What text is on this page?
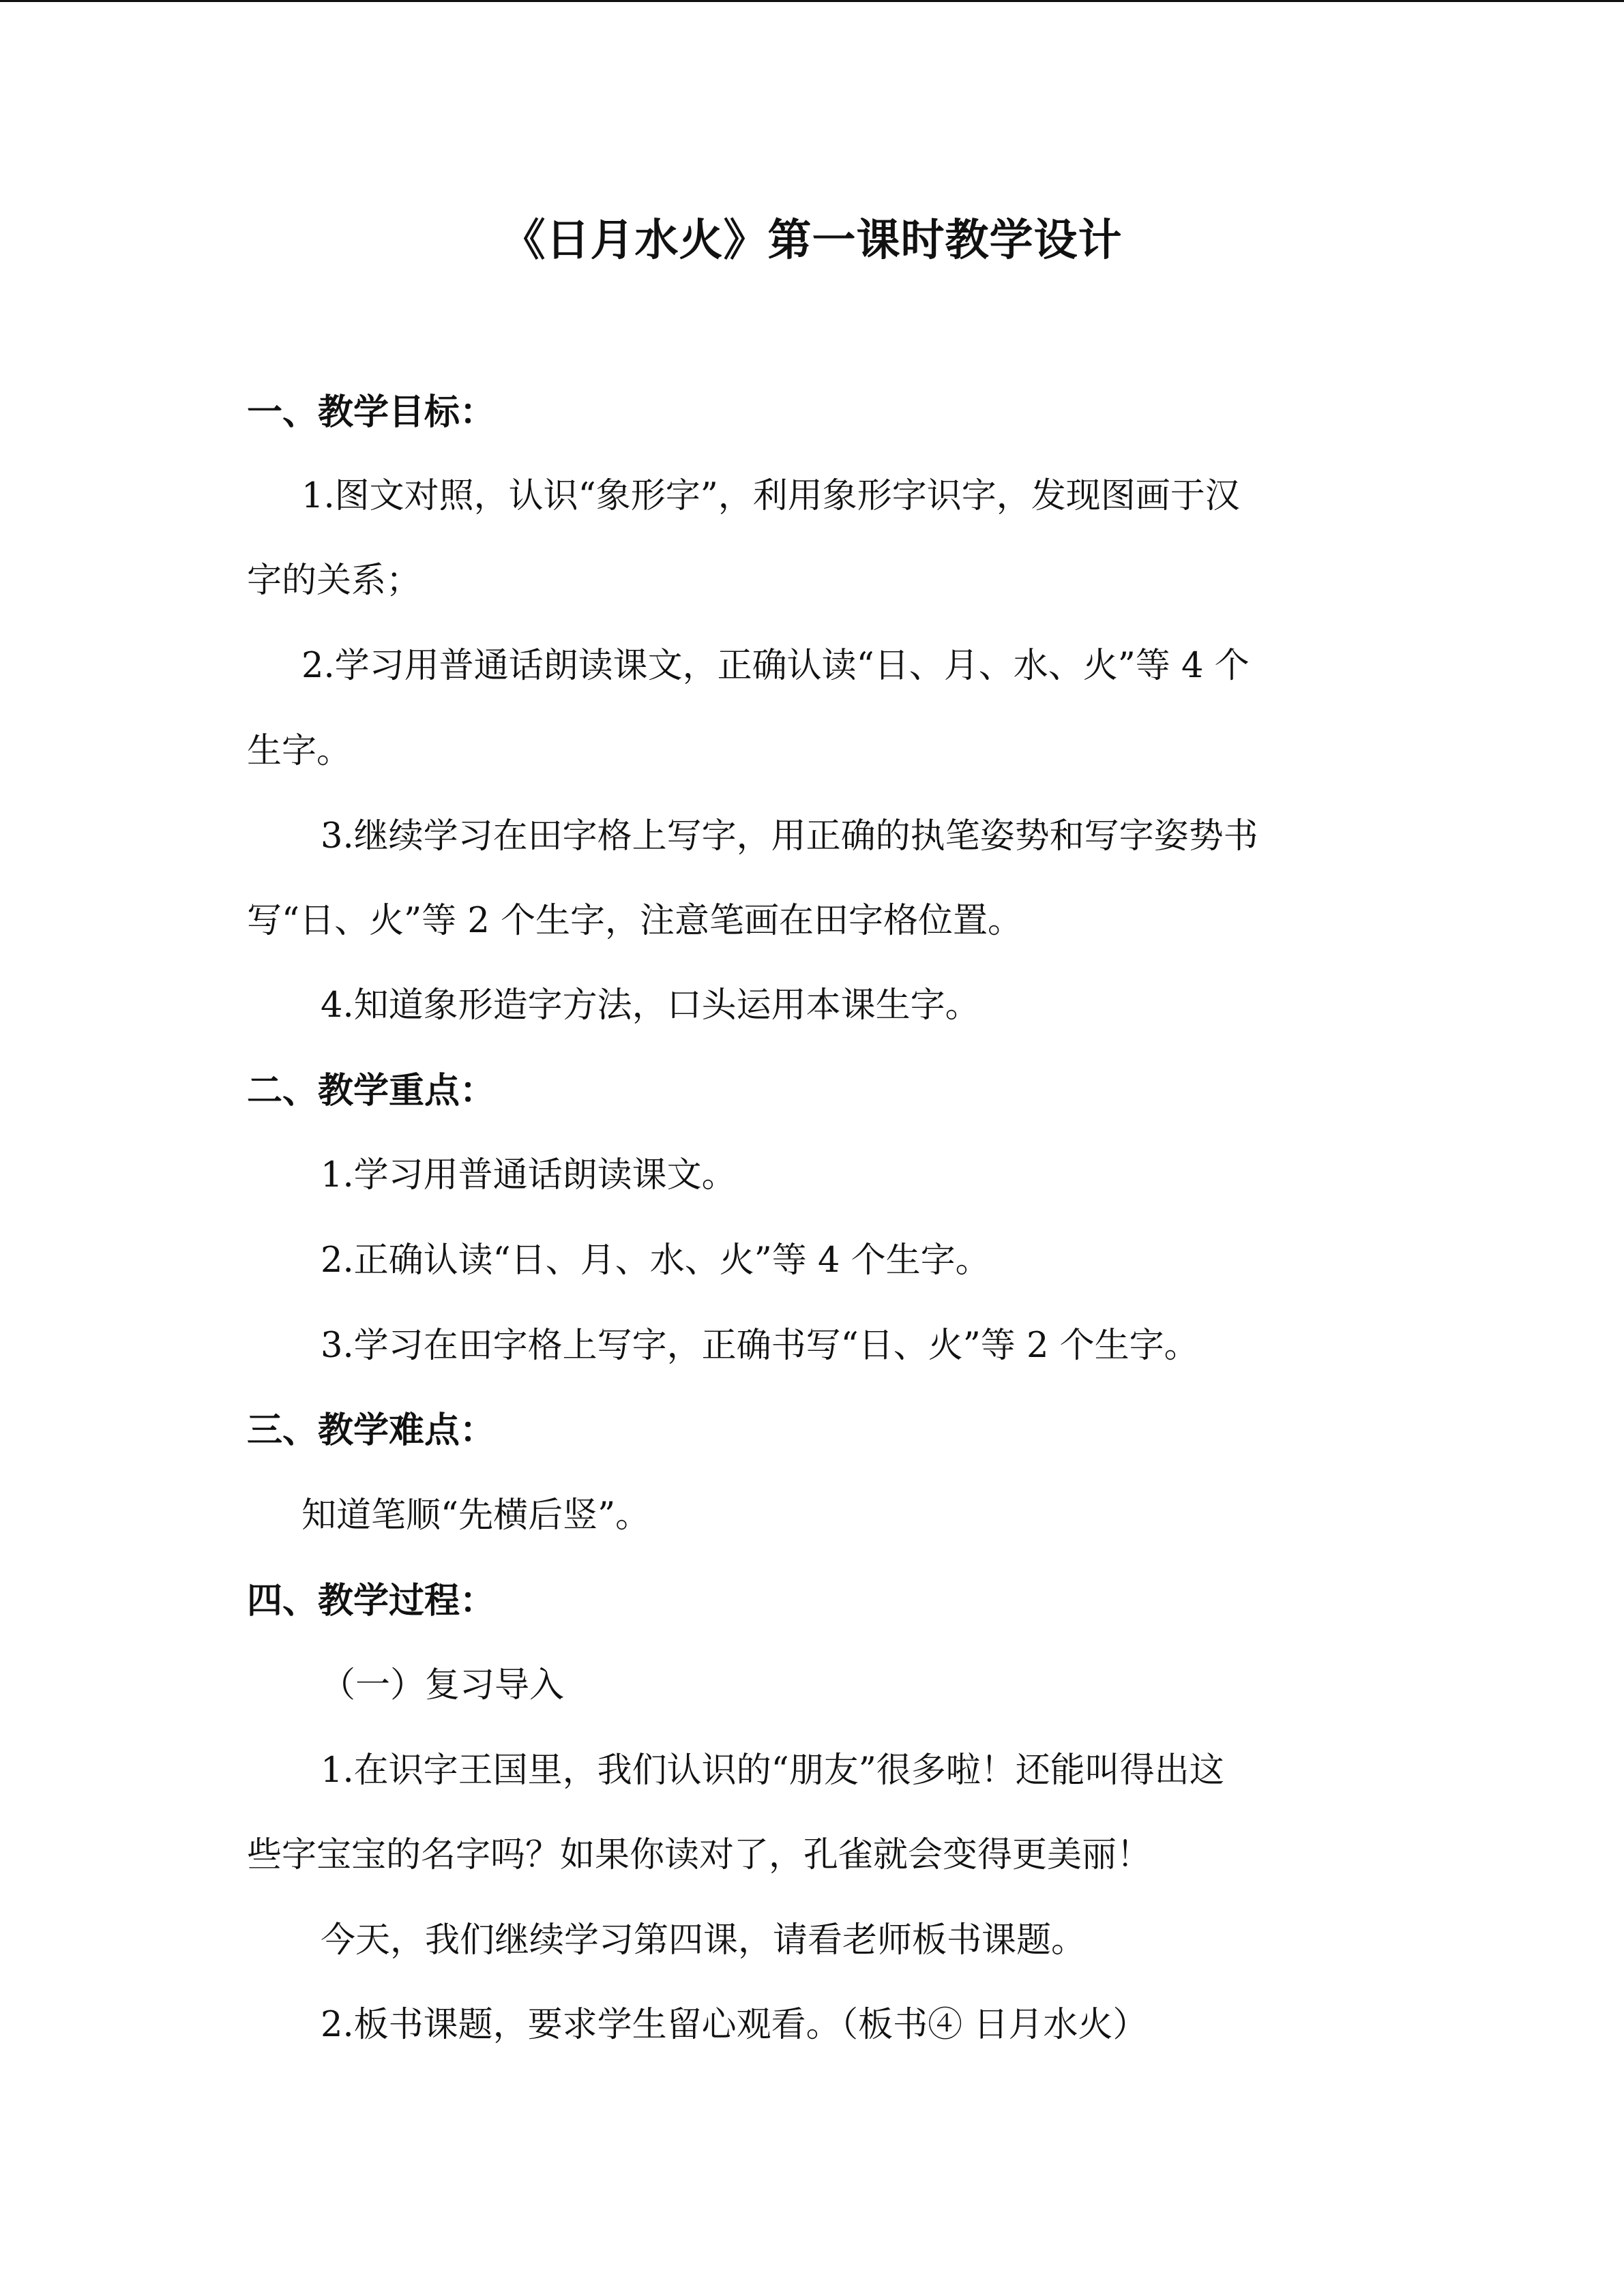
《日月水火》第一课时教学设计
一、教学目标：
1.图文对照，认识“象形字”，利用象形字识字，发现图画于汉
字的关系；
2.学习用普通话朗读课文，正确认读“日、月、水、火”等 4 个
生字。
3.继续学习在田字格上写字，用正确的执笔姿势和写字姿势书
写“日、火”等 2 个生字，注意笔画在田字格位置。
4.知道象形造字方法，口头运用本课生字。
二、教学重点：
1.学习用普通话朗读课文。
2.正确认读“日、月、水、火”等 4 个生字。
3.学习在田字格上写字，正确书写“日、火”等 2 个生字。
三、教学难点：
知道笔顺“先横后竖”。
四、教学过程：
（一）复习导入
1.在识字王国里，我们认识的“朋友”很多啦！还能叫得出这
些字宝宝的名字吗？如果你读对了，孔雀就会变得更美丽！
今天，我们继续学习第四课，请看老师板书课题。
2.板书课题，要求学生留心观看。（板书④ 日月水火）
